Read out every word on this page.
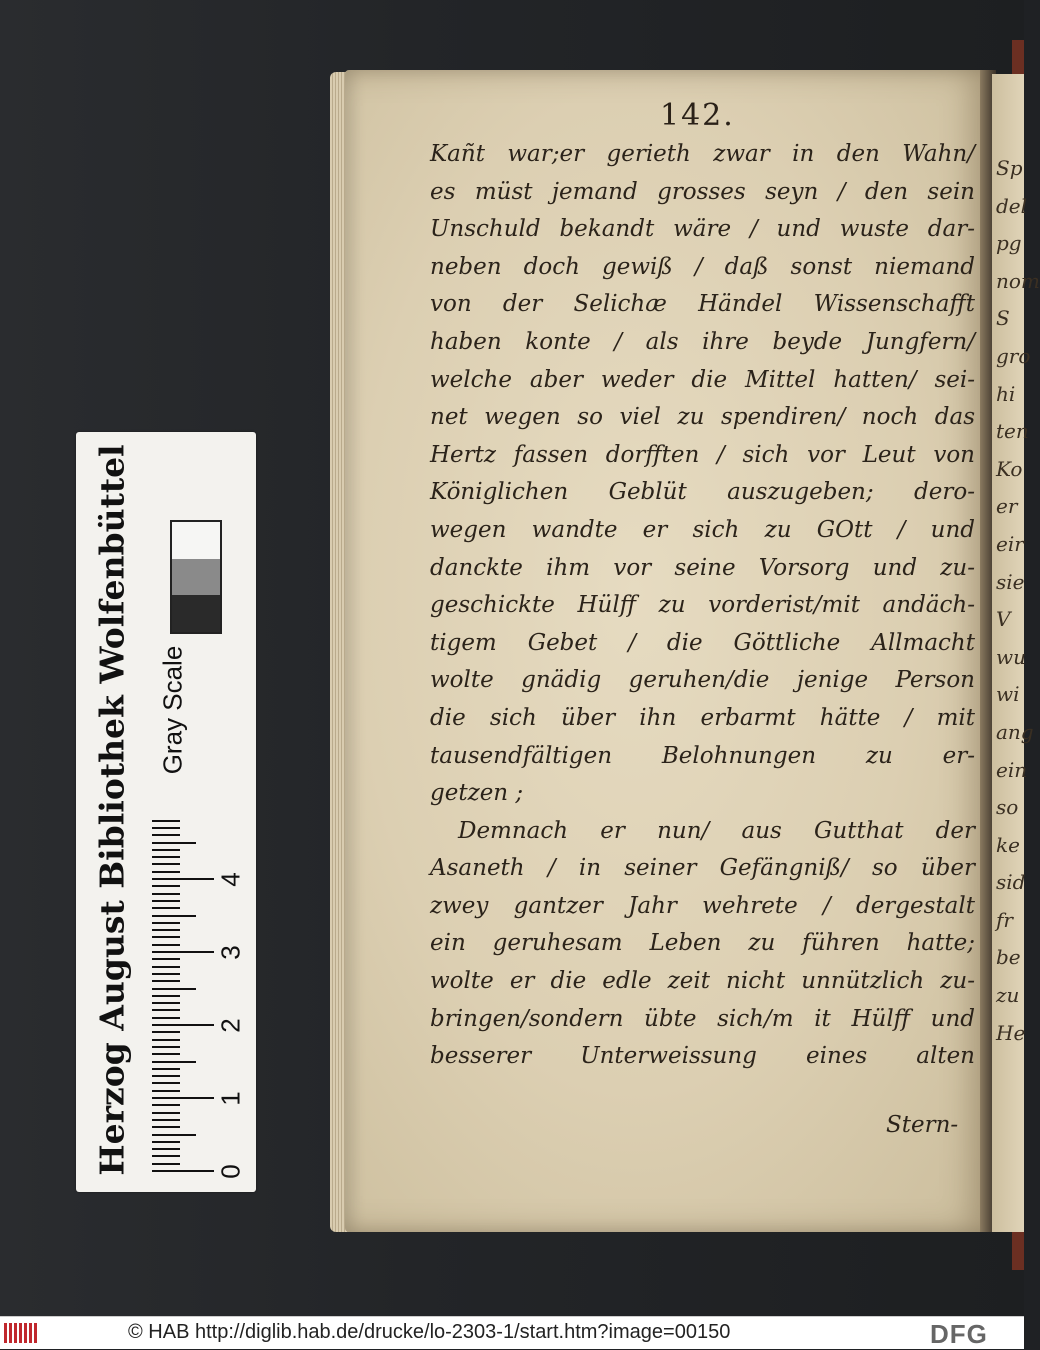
142.
Kañt war;er gerieth zwar in den Wahn/
es müst jemand grosses seyn / den sein
Unschuld bekandt wäre / und wuste dar-
neben doch gewiß / daß sonst niemand
von der Selichæ Händel Wissenschafft
haben konte / als ihre beyde Jungfern/
welche aber weder die Mittel hatten/ sei-
net wegen so viel zu spendiren/ noch das
Hertz fassen dorfften / sich vor Leut von
Königlichen Geblüt auszugeben; dero-
wegen wandte er sich zu GOtt / und
danckte ihm vor seine Vorsorg und zu-
geschickte Hülff zu vorderist/mit andäch-
tigem Gebet / die Göttliche Allmacht
wolte gnädig geruhen/die jenige Person
die sich über ihn erbarmt hätte / mit
tausendfältigen Belohnungen zu er-
getzen ;
Demnach er nun/ aus Gutthat der
Asaneth / in seiner Gefängniß/ so über
zwey gantzer Jahr wehrete / dergestalt
ein geruhesam Leben zu führen hatte;
wolte er die edle zeit nicht unnützlich zu-
bringen/sondern übte sich/m it Hülff und
besserer Unterweissung eines alten
Stern-
Sp
del
pg
nom
S
gro
hi
ten
Ko
er
eir
sie
V
wu
wi
ang
ein
so
ke
sid
fr
be
zu
He
Herzog August Bibliothek Wolfenbüttel Gray Scale
© HAB http://diglib.hab.de/drucke/lo-2303-1/start.htm?image=00150	DFG
0
1
2
3
4
